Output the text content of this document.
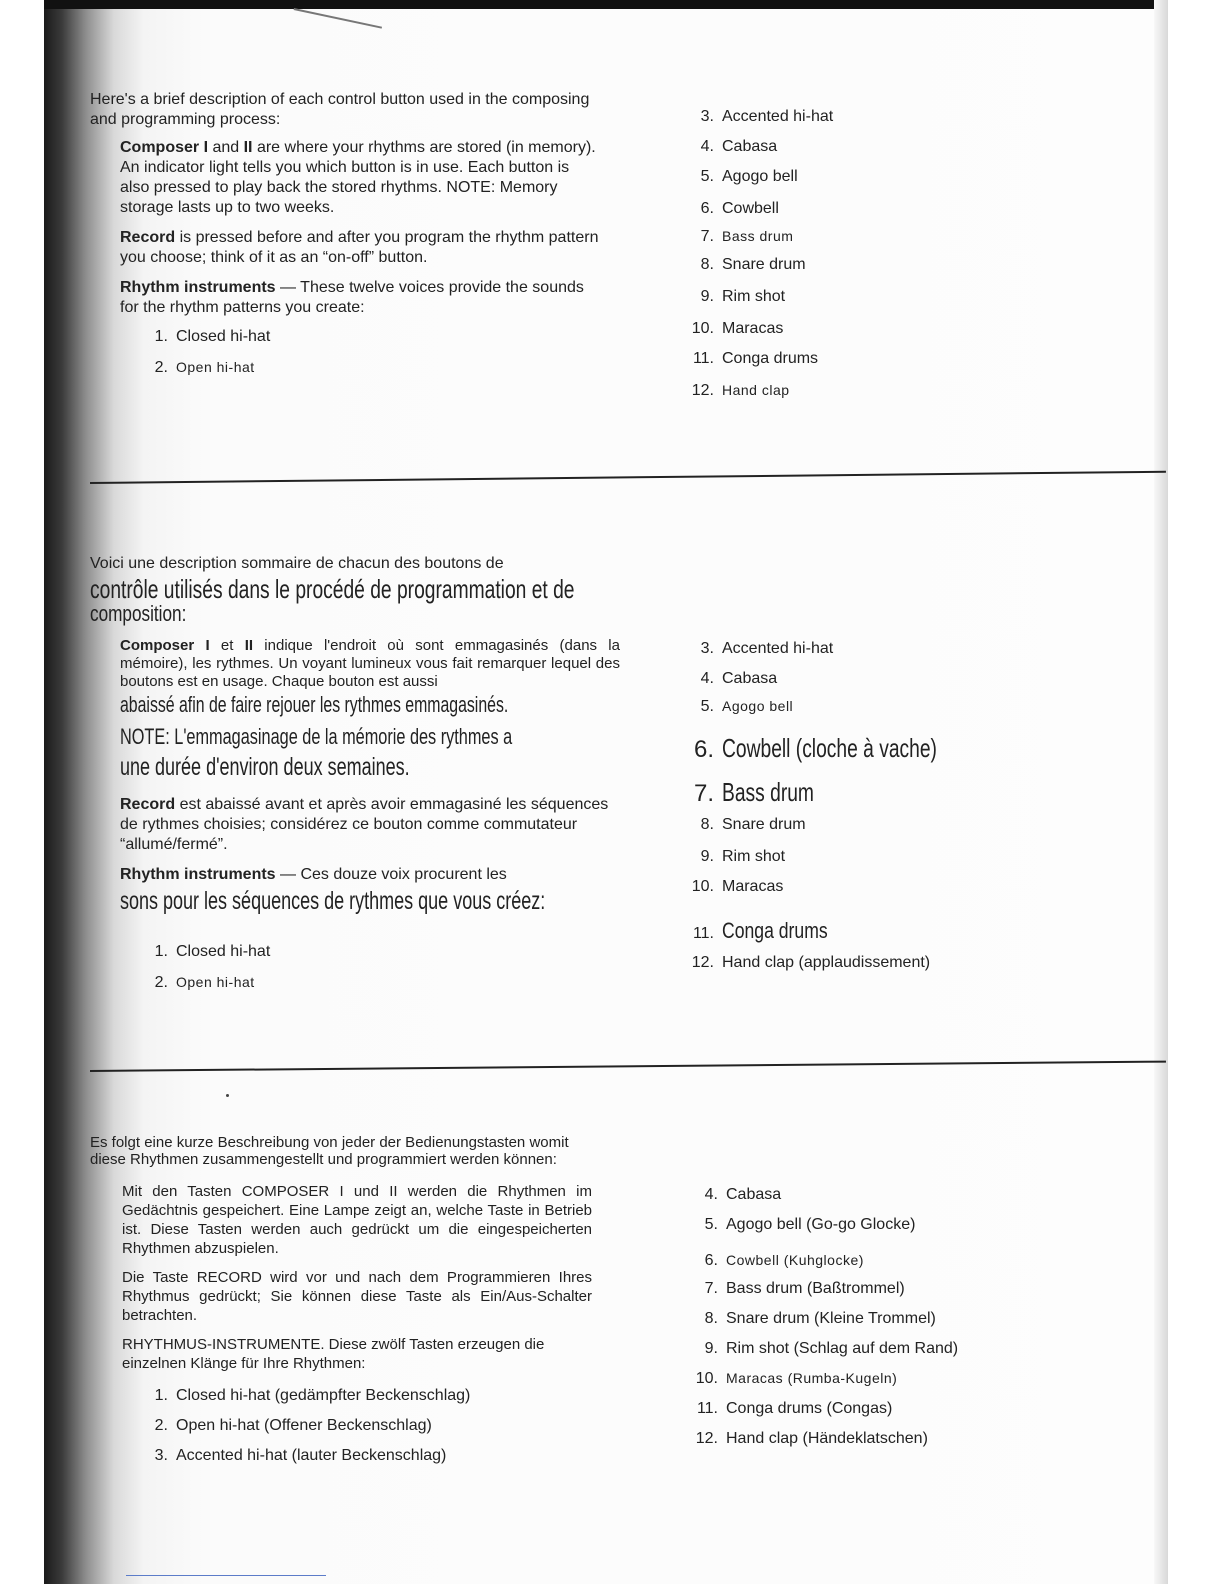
Here's a brief description of each control button used in the composing and programming process:

Composer I and II are where your rhythms are stored (in memory). An indicator light tells you which button is in use. Each button is also pressed to play back the stored rhythms. NOTE: Memory storage lasts up to two weeks.

Record is pressed before and after you program the rhythm pattern you choose; think of it as an “on-off” button.

Rhythm instruments — These twelve voices provide the sounds for the rhythm patterns you create:

1. Closed hi-hat
2. Open hi-hat
3. Accented hi-hat
4. Cabasa
5. Agogo bell
6. Cowbell
7. Bass drum
8. Snare drum
9. Rim shot
10. Maracas
11. Conga drums
12. Hand clap

Voici une description sommaire de chacun des boutons de

contrôle utilisés dans le procédé de programmation et de

composition:

Composer I et II indique l'endroit où sont emmagasinés (dans la mémoire), les rythmes. Un voyant lumineux vous fait remarquer lequel des boutons est en usage. Chaque bouton est aussi

abaissé afin de faire rejouer les rythmes emmagasinés.

NOTE: L'emmagasinage de la mémorie des rythmes a

une durée d'environ deux semaines.

Record est abaissé avant et après avoir emmagasiné les séquences de rythmes choisies; considérez ce bouton comme commutateur “allumé/fermé”.

Rhythm instruments — Ces douze voix procurent les

sons pour les séquences de rythmes que vous créez:

1. Closed hi-hat
2. Open hi-hat
3. Accented hi-hat
4. Cabasa
5. Agogo bell
6. Cowbell (cloche à vache)
7. Bass drum
8. Snare drum
9. Rim shot
10. Maracas
11. Conga drums
12. Hand clap (applaudissement)

Es folgt eine kurze Beschreibung von jeder der Bedienungstasten womit diese Rhythmen zusammengestellt und programmiert werden können:

Mit den Tasten COMPOSER I und II werden die Rhythmen im Gedächtnis gespeichert. Eine Lampe zeigt an, welche Taste in Betrieb ist. Diese Tasten werden auch gedrückt um die eingespeicherten Rhythmen abzuspielen.

Die Taste RECORD wird vor und nach dem Programmieren Ihres Rhythmus gedrückt; Sie können diese Taste als Ein/Aus-Schalter betrachten.

RHYTHMUS-INSTRUMENTE. Diese zwölf Tasten erzeugen die einzelnen Klänge für Ihre Rhythmen:

1. Closed hi-hat (gedämpfter Beckenschlag)
2. Open hi-hat (Offener Beckenschlag)
3. Accented hi-hat (lauter Beckenschlag)
4. Cabasa
5. Agogo bell (Go-go Glocke)
6. Cowbell (Kuhglocke)
7. Bass drum (Baßtrommel)
8. Snare drum (Kleine Trommel)
9. Rim shot (Schlag auf dem Rand)
10. Maracas (Rumba-Kugeln)
11. Conga drums (Congas)
12. Hand clap (Händeklatschen)
